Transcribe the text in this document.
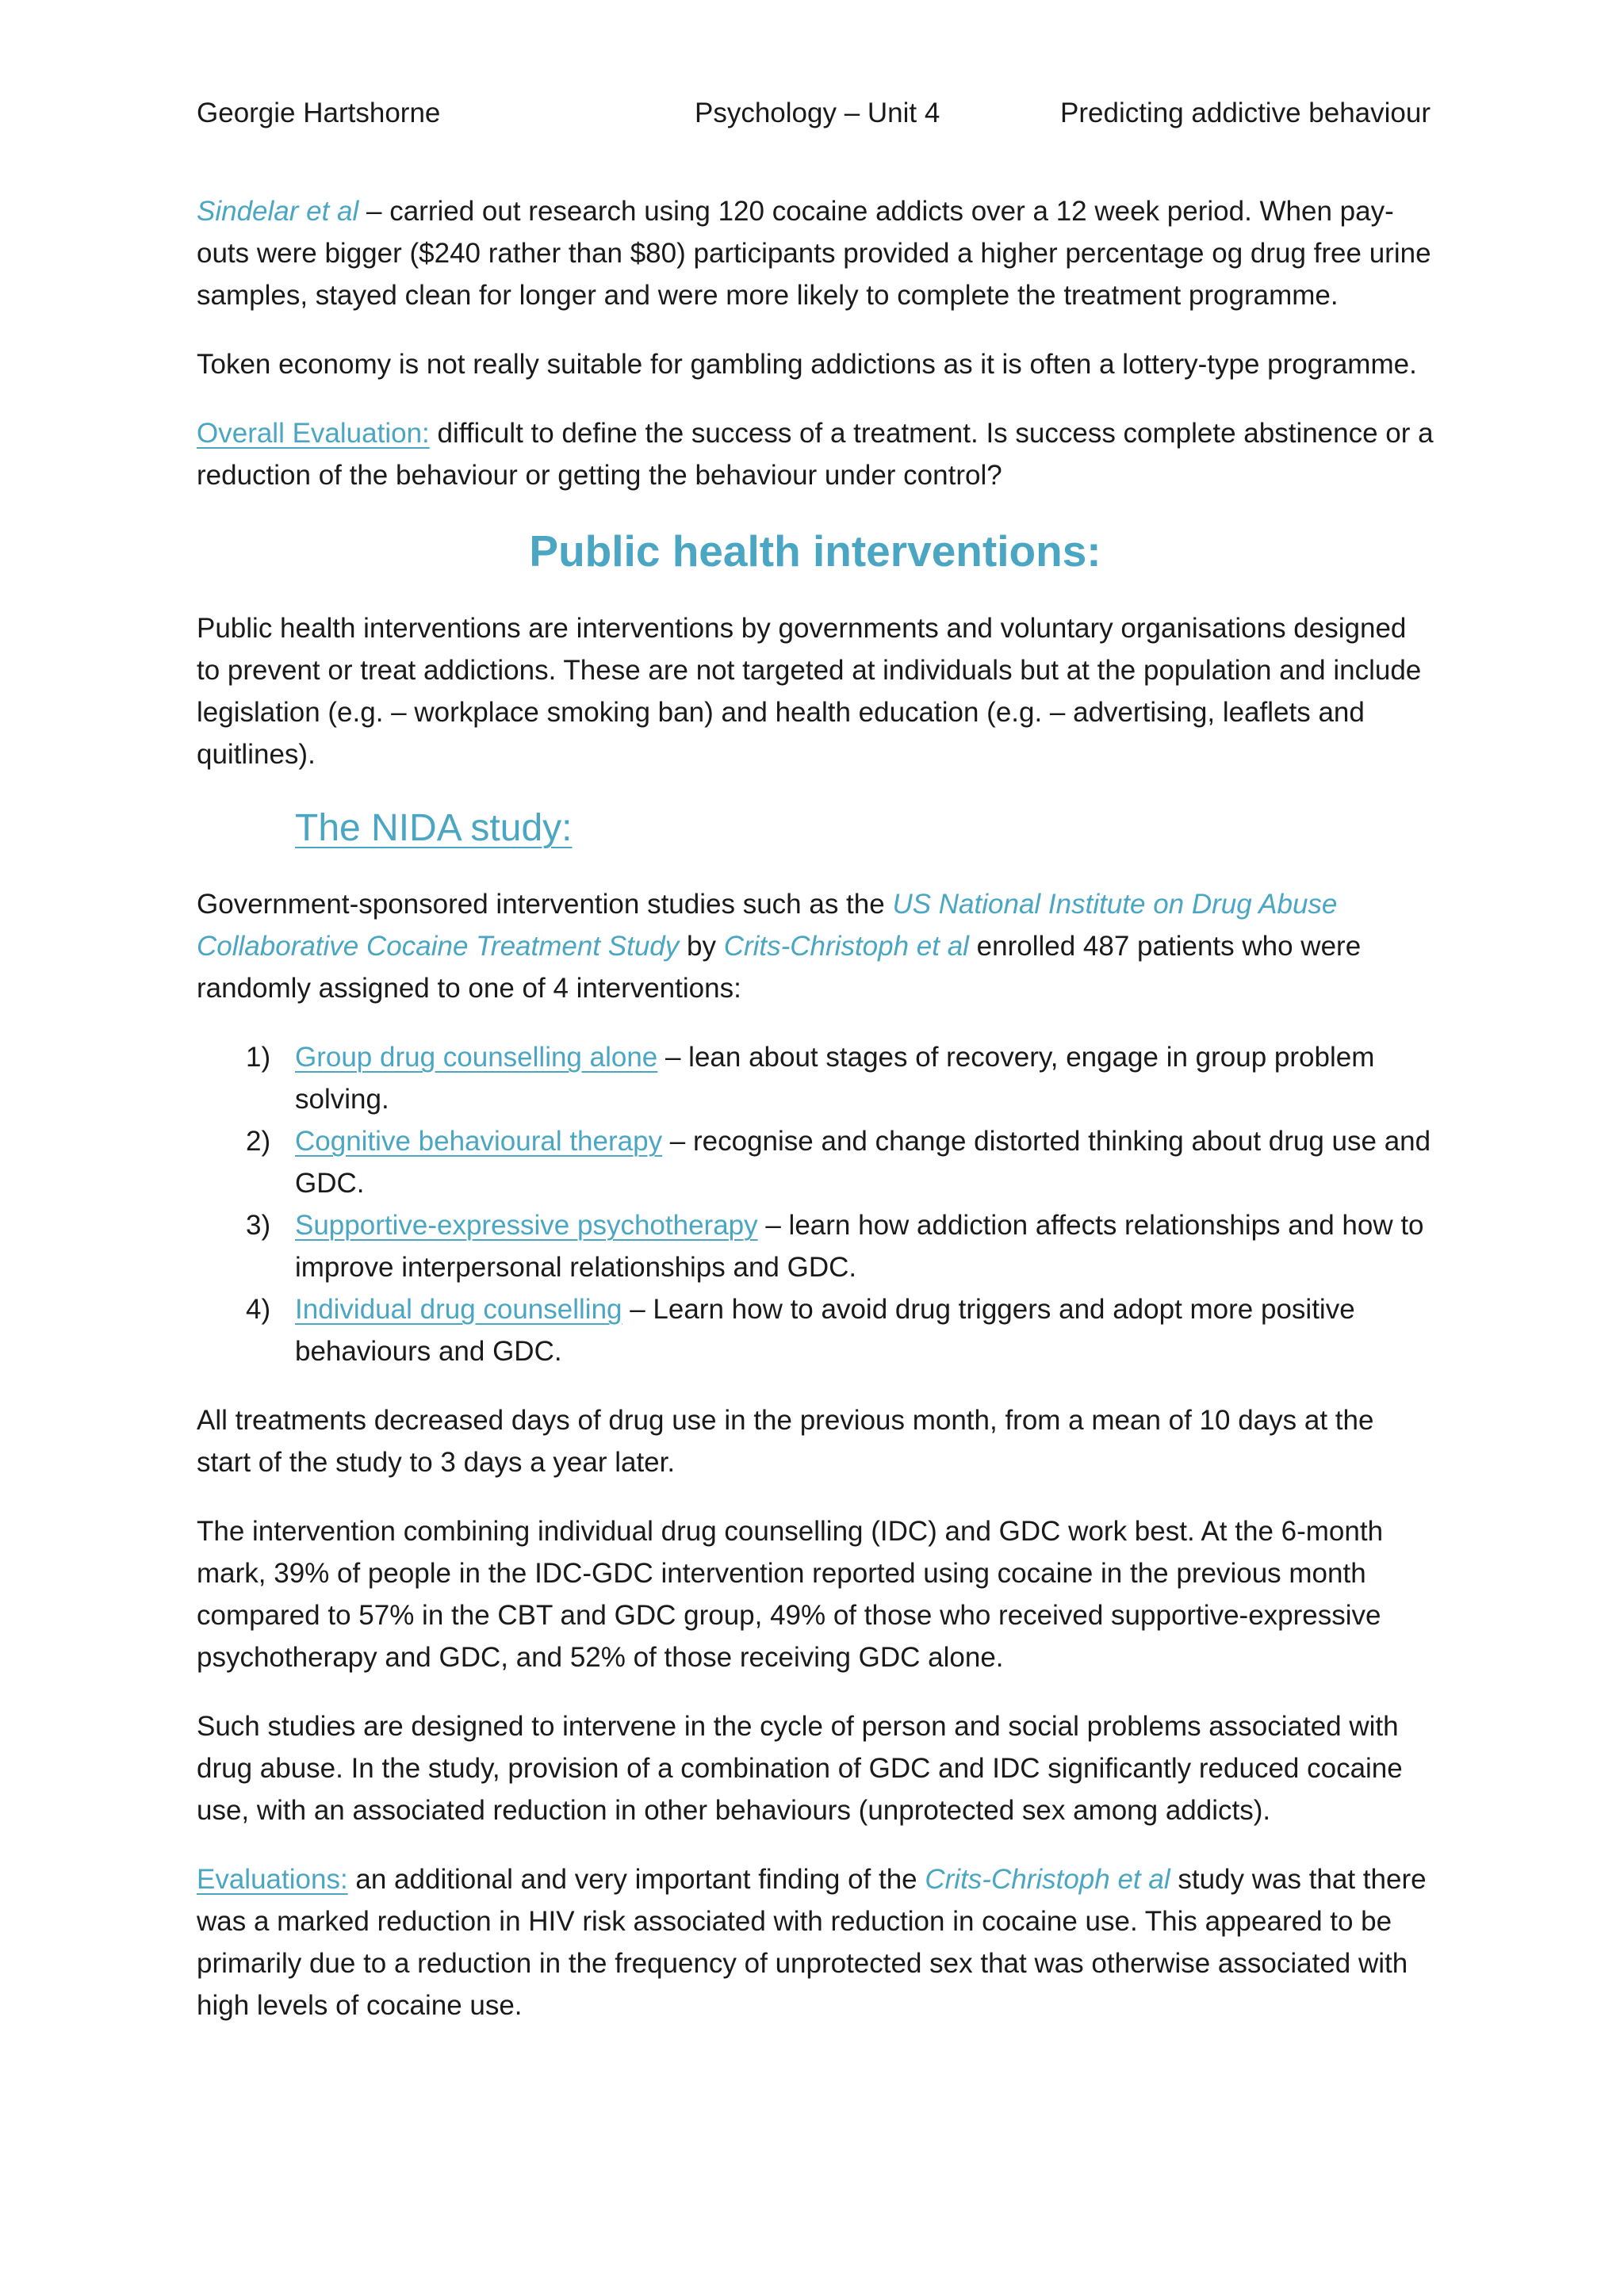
Georgie Hartshorne	Psychology – Unit 4	Predicting addictive behaviour

Sindelar et al – carried out research using 120 cocaine addicts over a 12 week period. When pay-outs were bigger ($240 rather than $80) participants provided a higher percentage og drug free urine samples, stayed clean for longer and were more likely to complete the treatment programme.

Token economy is not really suitable for gambling addictions as it is often a lottery-type programme.

Overall Evaluation: difficult to define the success of a treatment. Is success complete abstinence or a reduction of the behaviour or getting the behaviour under control?

Public health interventions:

Public health interventions are interventions by governments and voluntary organisations designed to prevent or treat addictions. These are not targeted at individuals but at the population and include legislation (e.g. – workplace smoking ban) and health education (e.g. – advertising, leaflets and quitlines).

The NIDA study:

Government-sponsored intervention studies such as the US National Institute on Drug Abuse Collaborative Cocaine Treatment Study by Crits-Christoph et al enrolled 487 patients who were randomly assigned to one of 4 interventions:

1) Group drug counselling alone – lean about stages of recovery, engage in group problem solving.
2) Cognitive behavioural therapy – recognise and change distorted thinking about drug use and GDC.
3) Supportive-expressive psychotherapy – learn how addiction affects relationships and how to improve interpersonal relationships and GDC.
4) Individual drug counselling – Learn how to avoid drug triggers and adopt more positive behaviours and GDC.

All treatments decreased days of drug use in the previous month, from a mean of 10 days at the start of the study to 3 days a year later.

The intervention combining individual drug counselling (IDC) and GDC work best. At the 6-month mark, 39% of people in the IDC-GDC intervention reported using cocaine in the previous month compared to 57% in the CBT and GDC group, 49% of those who received supportive-expressive psychotherapy and GDC, and 52% of those receiving GDC alone.

Such studies are designed to intervene in the cycle of person and social problems associated with drug abuse. In the study, provision of a combination of GDC and IDC significantly reduced cocaine use, with an associated reduction in other behaviours (unprotected sex among addicts).

Evaluations: an additional and very important finding of the Crits-Christoph et al study was that there was a marked reduction in HIV risk associated with reduction in cocaine use. This appeared to be primarily due to a reduction in the frequency of unprotected sex that was otherwise associated with high levels of cocaine use.
